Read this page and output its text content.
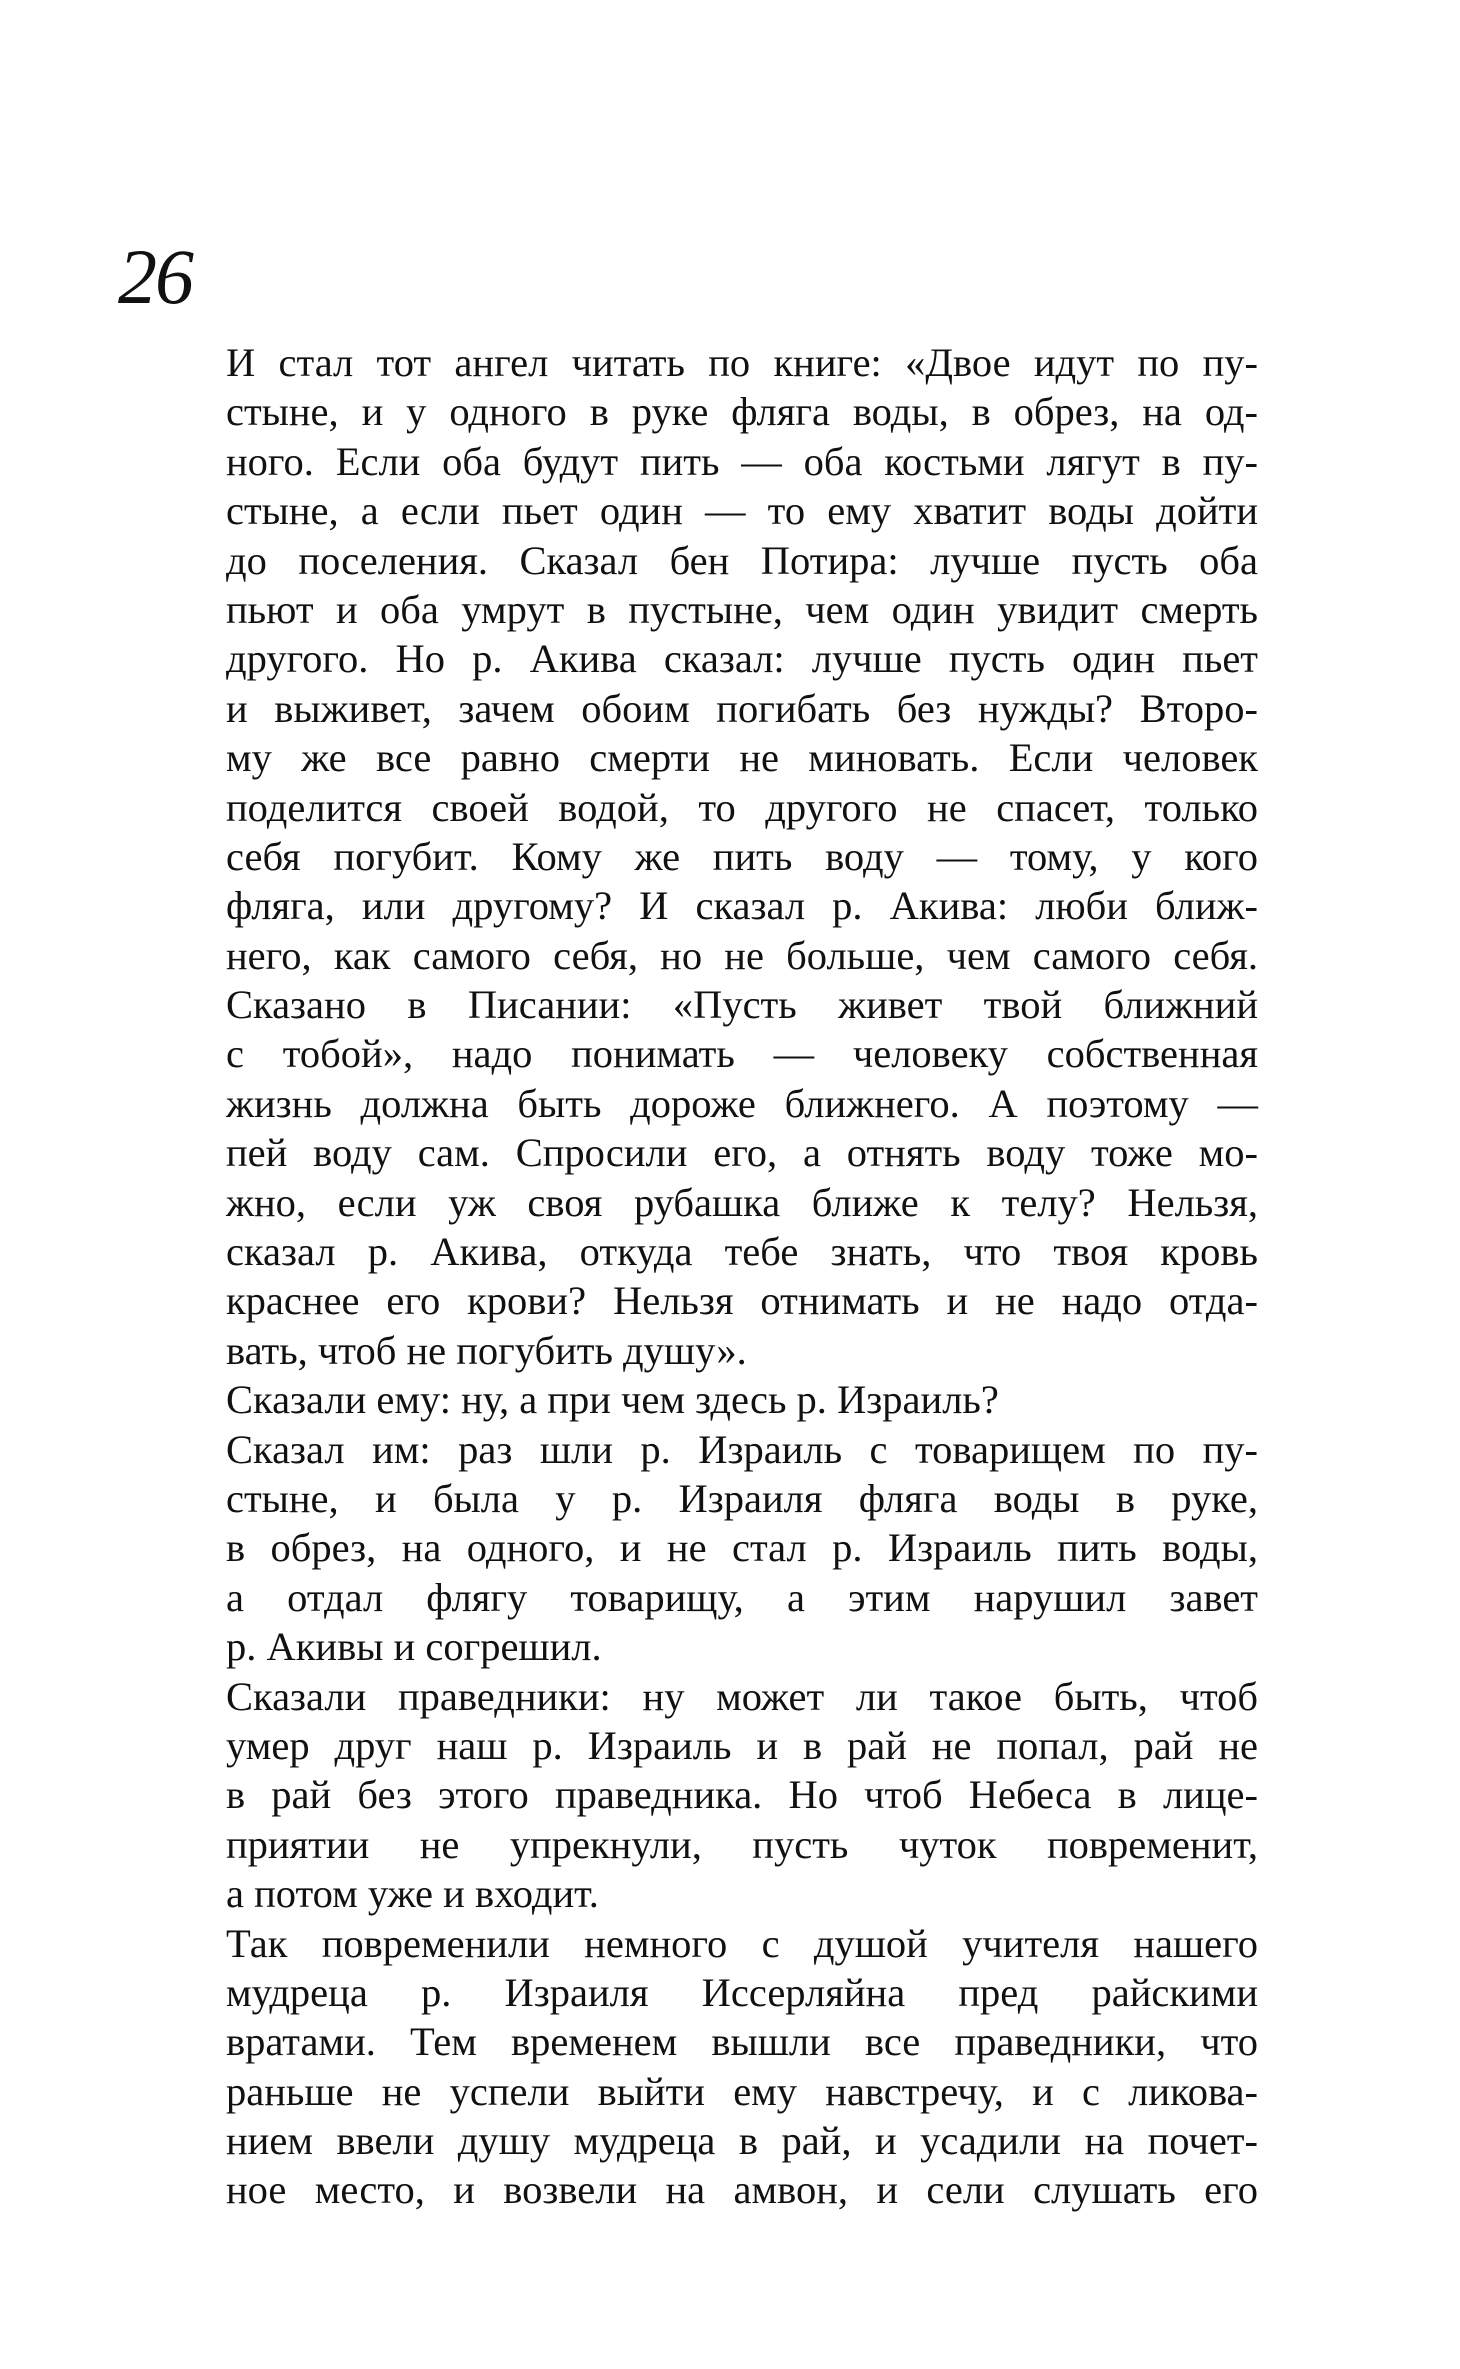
26
И стал тот ангел читать по книге: «Двое идут по пу-
стыне, и у одного в руке фляга воды, в обрез, на од-
ного. Если оба будут пить — оба костьми лягут в пу-
стыне, а если пьет один — то ему хватит воды дойти
до поселения. Сказал бен Потира: лучше пусть оба
пьют и оба умрут в пустыне, чем один увидит смерть
другого. Но р. Акива сказал: лучше пусть один пьет
и выживет, зачем обоим погибать без нужды? Второ-
му же все равно смерти не миновать. Если человек
поделится своей водой, то другого не спасет, только
себя погубит. Кому же пить воду — тому, у кого
фляга, или другому? И сказал р. Акива: люби ближ-
него, как самого себя, но не больше, чем самого себя.
Сказано в Писании: «Пусть живет твой ближний
с тобой», надо понимать — человеку собственная
жизнь должна быть дороже ближнего. А поэтому —
пей воду сам. Спросили его, а отнять воду тоже мо-
жно, если уж своя рубашка ближе к телу? Нельзя,
сказал р. Акива, откуда тебе знать, что твоя кровь
краснее его крови? Нельзя отнимать и не надо отда-
вать, чтоб не погубить душу».
Сказали ему: ну, а при чем здесь р. Израиль?
Сказал им: раз шли р. Израиль с товарищем по пу-
стыне, и была у р. Израиля фляга воды в руке,
в обрез, на одного, и не стал р. Израиль пить воды,
а отдал флягу товарищу, а этим нарушил завет
р. Акивы и согрешил.
Сказали праведники: ну может ли такое быть, чтоб
умер друг наш р. Израиль и в рай не попал, рай не
в рай без этого праведника. Но чтоб Небеса в лице-
приятии не упрекнули, пусть чуток повременит,
а потом уже и входит.
Так повременили немного с душой учителя нашего
мудреца р. Израиля Иссерляйна пред райскими
вратами. Тем временем вышли все праведники, что
раньше не успели выйти ему навстречу, и с ликова-
нием ввели душу мудреца в рай, и усадили на почет-
ное место, и возвели на амвон, и сели слушать его
